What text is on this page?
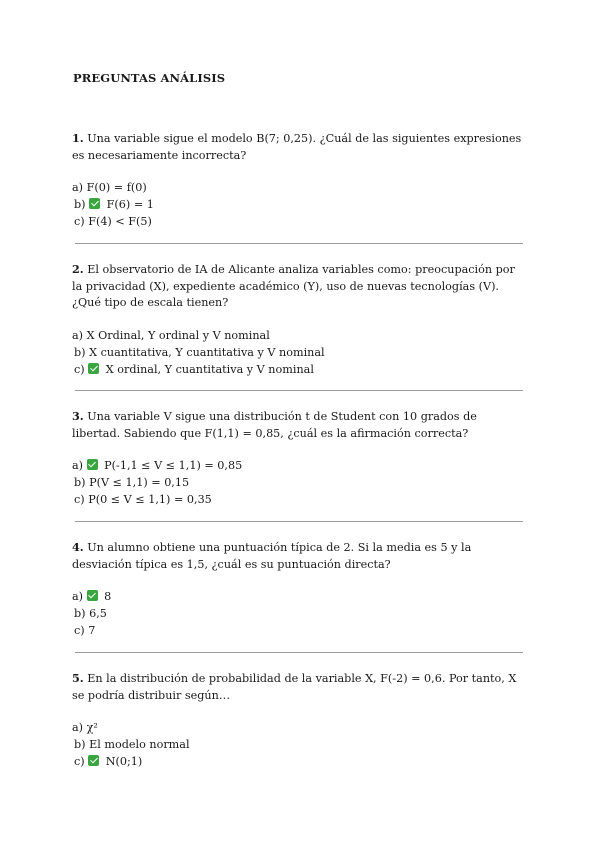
PREGUNTAS ANÁLISIS

1. Una variable sigue el modelo B(7; 0,25). ¿Cuál de las siguientes expresiones es necesariamente incorrecta?

a) F(0) = f(0)
b)  F(6) = 1
c) F(4) < F(5)

2. El observatorio de IA de Alicante analiza variables como: preocupación por la privacidad (X), expediente académico (Y), uso de nuevas tecnologías (V). ¿Qué tipo de escala tienen?

a) X Ordinal, Y ordinal y V nominal
b) X cuantitativa, Y cuantitativa y V nominal
c)  X ordinal, Y cuantitativa y V nominal

3. Una variable V sigue una distribución t de Student con 10 grados de libertad. Sabiendo que F(1,1) = 0,85, ¿cuál es la afirmación correcta?

a)  P(-1,1 ≤ V ≤ 1,1) = 0,85
b) P(V ≤ 1,1) = 0,15
c) P(0 ≤ V ≤ 1,1) = 0,35

4. Un alumno obtiene una puntuación típica de 2. Si la media es 5 y la desviación típica es 1,5, ¿cuál es su puntuación directa?

a)  8
b) 6,5
c) 7

5. En la distribución de probabilidad de la variable X, F(-2) = 0,6. Por tanto, X se podría distribuir según…

a) χ²
b) El modelo normal
c)  N(0;1)
